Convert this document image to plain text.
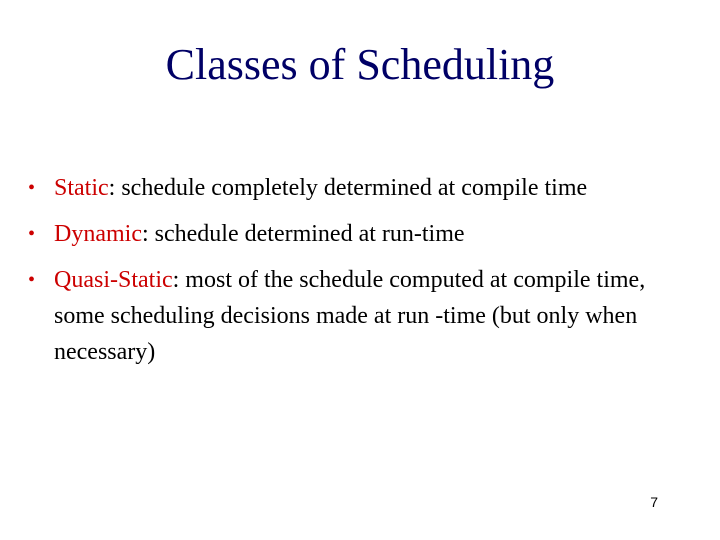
Classes of Scheduling
• Static: schedule completely determined at compile time
• Dynamic: schedule determined at run-time
• Quasi-Static: most of the schedule computed at compile time, some scheduling decisions made at run -time (but only when necessary)
7
